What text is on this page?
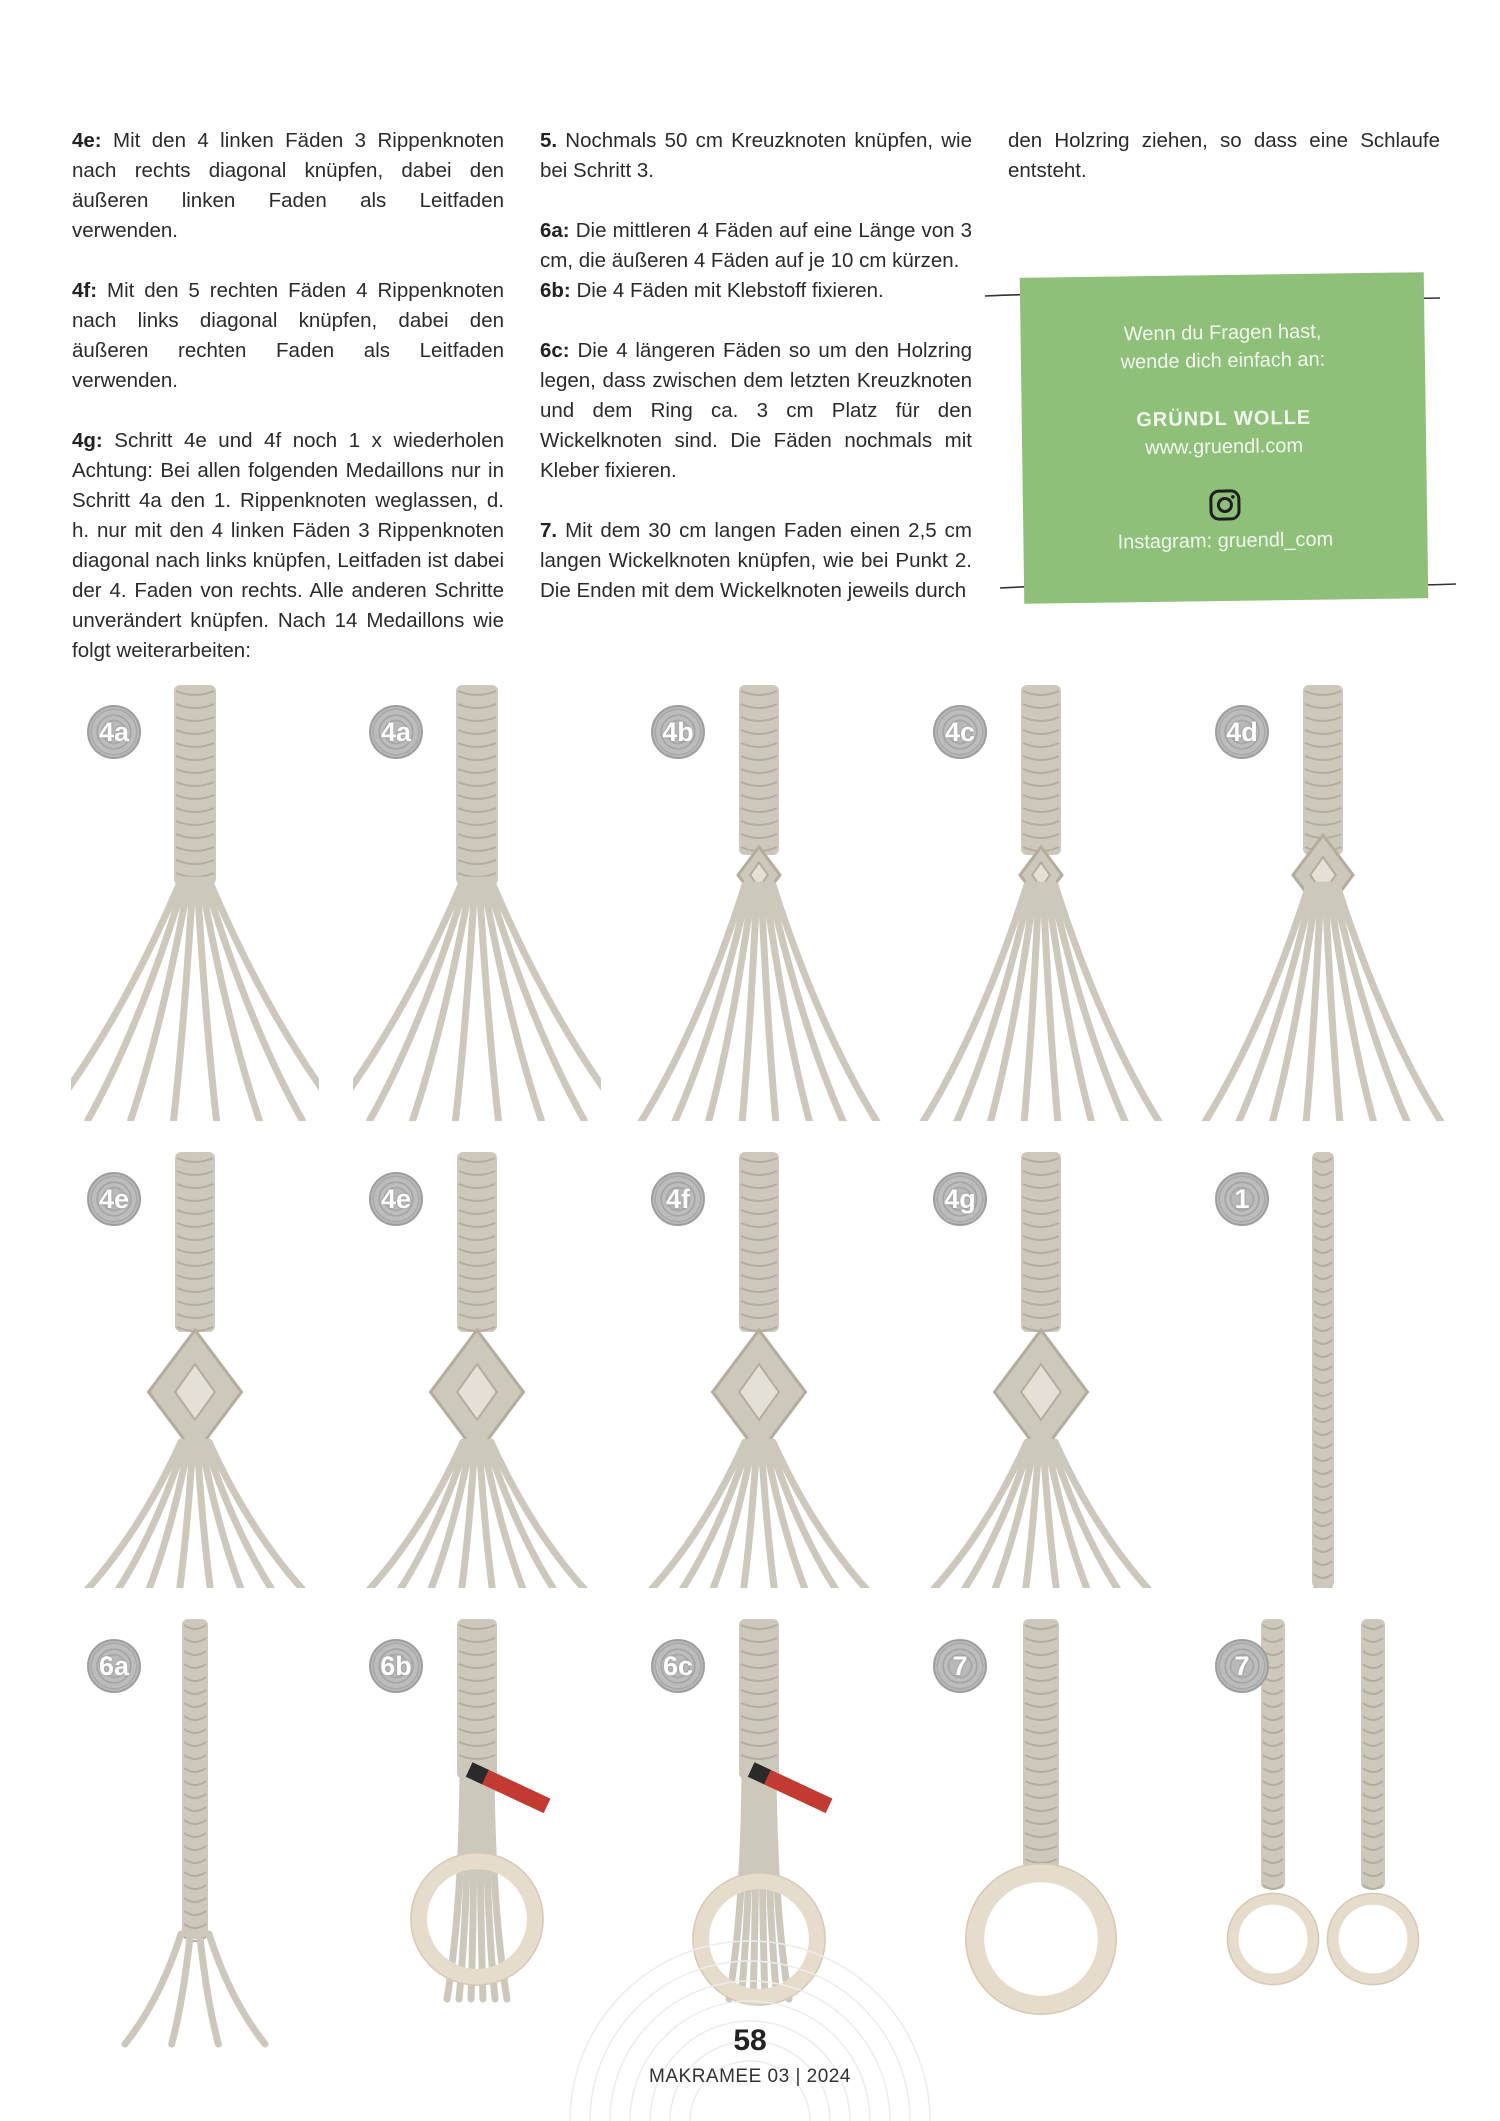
4e: Mit den 4 linken Fäden 3 Rippenknoten nach rechts diagonal knüpfen, dabei den äußeren linken Faden als Leitfaden verwenden.

4f: Mit den 5 rechten Fäden 4 Rippenknoten nach links diagonal knüpfen, dabei den äußeren rechten Faden als Leitfaden verwenden.

4g: Schritt 4e und 4f noch 1 x wiederholen Achtung: Bei allen folgenden Medaillons nur in Schritt 4a den 1. Rippenknoten weglassen, d. h. nur mit den 4 linken Fäden 3 Rippenknoten diagonal nach links knüpfen, Leitfaden ist dabei der 4. Faden von rechts. Alle anderen Schritte unverändert knüpfen. Nach 14 Medaillons wie folgt weiterarbeiten:

5. Nochmals 50 cm Kreuzknoten knüpfen, wie bei Schritt 3.

6a: Die mittleren 4 Fäden auf eine Länge von 3 cm, die äußeren 4 Fäden auf je 10 cm kürzen.

6b: Die 4 Fäden mit Klebstoff fixieren.

6c: Die 4 längeren Fäden so um den Holzring legen, dass zwischen dem letzten Kreuzknoten und dem Ring ca. 3 cm Platz für den Wickelknoten sind. Die Fäden nochmals mit Kleber fixieren.

7. Mit dem 30 cm langen Faden einen 2,5 cm langen Wickelknoten knüpfen, wie bei Punkt 2. Die Enden mit dem Wickelknoten jeweils durch

den Holzring ziehen, so dass eine Schlaufe entsteht.

Wenn du Fragen hast,
wende dich einfach an:
GRÜNDL WOLLE
www.gruendl.com
Instagram: gruendl_com
4a	4a	4b	4c	4d
4e	4e	4f	4g	1
6a	6b	6c	7	7
58
MAKRAMEE 03 | 2024
